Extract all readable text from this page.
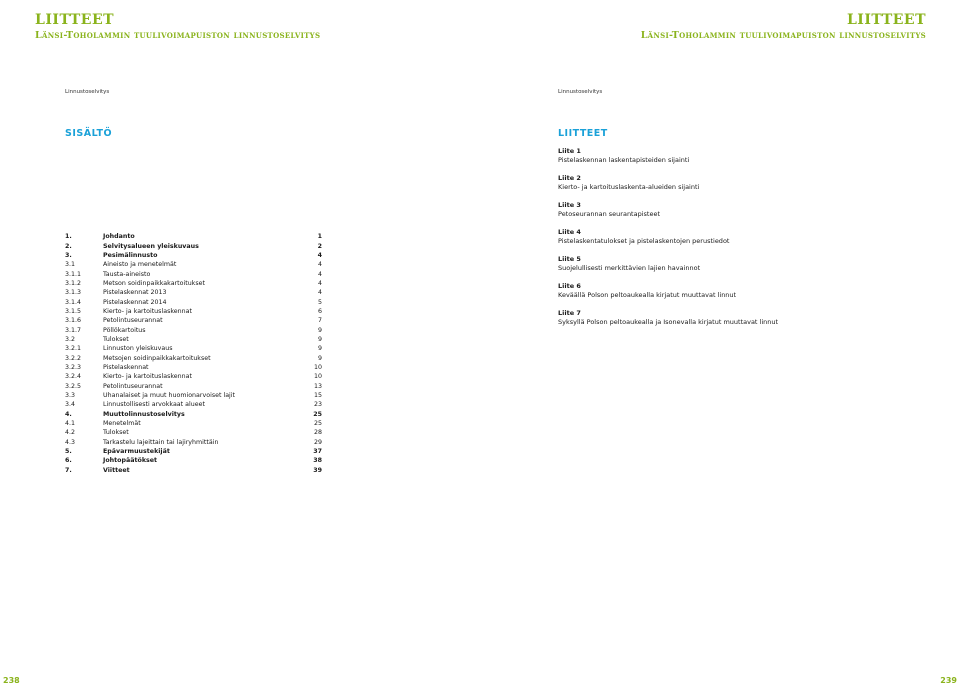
LIITTEET
Länsi-Toholammin tuulivoimapuiston linnustoselvitys
LIITTEET
Länsi-Toholammin tuulivoimapuiston linnustoselvitys
Linnustoselvitys	Linnustoselvitys
SISÄLTÖ	LIITTEET
1.	Johdanto	1
2.	Selvitysalueen yleiskuvaus	2
3.	Pesimälinnusto	4
3.1	Aineisto ja menetelmät	4
3.1.1	Tausta-aineisto	4
3.1.2	Metson soidinpaikkakartoitukset	4
3.1.3	Pistelaskennat 2013	4
3.1.4	Pistelaskennat 2014	5
3.1.5	Kierto- ja kartoituslaskennat	6
3.1.6	Petolintuseurannat	7
3.1.7	Pöllökartoitus	9
3.2	Tulokset	9
3.2.1	Linnuston yleiskuvaus	9
3.2.2	Metsojen soidinpaikkakartoitukset	9
3.2.3	Pistelaskennat	10
3.2.4	Kierto- ja kartoituslaskennat	10
3.2.5	Petolintuseurannat	13
3.3	Uhanalaiset ja muut huomionarvoiset lajit	15
3.4	Linnustollisesti arvokkaat alueet	23
4.	Muuttolinnustoselvitys	25
4.1	Menetelmät	25
4.2	Tulokset	28
4.3	Tarkastelu lajeittain tai lajiryhmittäin	29
5.	Epävarmuustekijät	37
6.	Johtopäätökset	38
7.	Viitteet	39
Liite 1
Pistelaskennan laskentapisteiden sijainti
Liite 2
Kierto- ja kartoituslaskenta-alueiden sijainti
Liite 3
Petoseurannan seurantapisteet
Liite 4
Pistelaskentatulokset ja pistelaskentojen perustiedot
Liite 5
Suojelullisesti merkittävien lajien havainnot
Liite 6
Keväällä Polson peltoaukealla kirjatut muuttavat linnut
Liite 7
Syksyllä Polson peltoaukealla ja Isonevalla kirjatut muuttavat linnut
238	239
